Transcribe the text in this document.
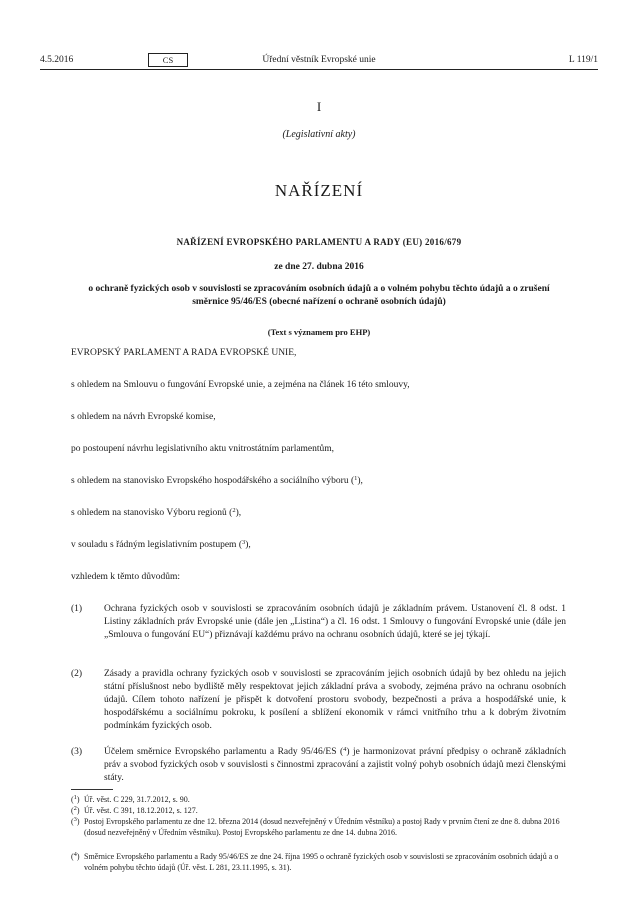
4.5.2016	CS	Úřední věstník Evropské unie	L 119/1
I
(Legislativní akty)
NAŘÍZENÍ
NAŘÍZENÍ EVROPSKÉHO PARLAMENTU A RADY (EU) 2016/679
ze dne 27. dubna 2016
o ochraně fyzických osob v souvislosti se zpracováním osobních údajů a o volném pohybu těchto údajů a o zrušení směrnice 95/46/ES (obecné nařízení o ochraně osobních údajů)
(Text s významem pro EHP)
EVROPSKÝ PARLAMENT A RADA EVROPSKÉ UNIE,
s ohledem na Smlouvu o fungování Evropské unie, a zejména na článek 16 této smlouvy,
s ohledem na návrh Evropské komise,
po postoupení návrhu legislativního aktu vnitrostátním parlamentům,
s ohledem na stanovisko Evropského hospodářského a sociálního výboru ($^1$),
s ohledem na stanovisko Výboru regionů ($^2$),
v souladu s řádným legislativním postupem ($^3$),
vzhledem k těmto důvodům:
(1) Ochrana fyzických osob v souvislosti se zpracováním osobních údajů je základním právem. Ustanovení čl. 8 odst. 1 Listiny základních práv Evropské unie (dále jen „Listina“) a čl. 16 odst. 1 Smlouvy o fungování Evropské unie (dále jen „Smlouva o fungování EU“) přiznávají každému právo na ochranu osobních údajů, které se jej týkají.
(2) Zásady a pravidla ochrany fyzických osob v souvislosti se zpracováním jejich osobních údajů by bez ohledu na jejich státní příslušnost nebo bydliště měly respektovat jejich základní práva a svobody, zejména právo na ochranu osobních údajů. Cílem tohoto nařízení je přispět k dotvoření prostoru svobody, bezpečnosti a práva a hospodářské unie, k hospodářskému a sociálnímu pokroku, k posílení a sblížení ekonomik v rámci vnitřního trhu a k dobrým životním podmínkám fyzických osob.
(3) Účelem směrnice Evropského parlamentu a Rady 95/46/ES ($^4$) je harmonizovat právní předpisy o ochraně základních práv a svobod fyzických osob v souvislosti s činnostmi zpracování a zajistit volný pohyb osobních údajů mezi členskými státy.
($^1$) Úř. věst. C 229, 31.7.2012, s. 90.
($^2$) Úř. věst. C 391, 18.12.2012, s. 127.
($^3$) Postoj Evropského parlamentu ze dne 12. března 2014 (dosud nezveřejněný v Úředním věstníku) a postoj Rady v prvním čtení ze dne 8. dubna 2016 (dosud nezveřejněný v Úředním věstníku). Postoj Evropského parlamentu ze dne 14. dubna 2016.
($^4$) Směrnice Evropského parlamentu a Rady 95/46/ES ze dne 24. října 1995 o ochraně fyzických osob v souvislosti se zpracováním osobních údajů a o volném pohybu těchto údajů (Úř. věst. L 281, 23.11.1995, s. 31).
